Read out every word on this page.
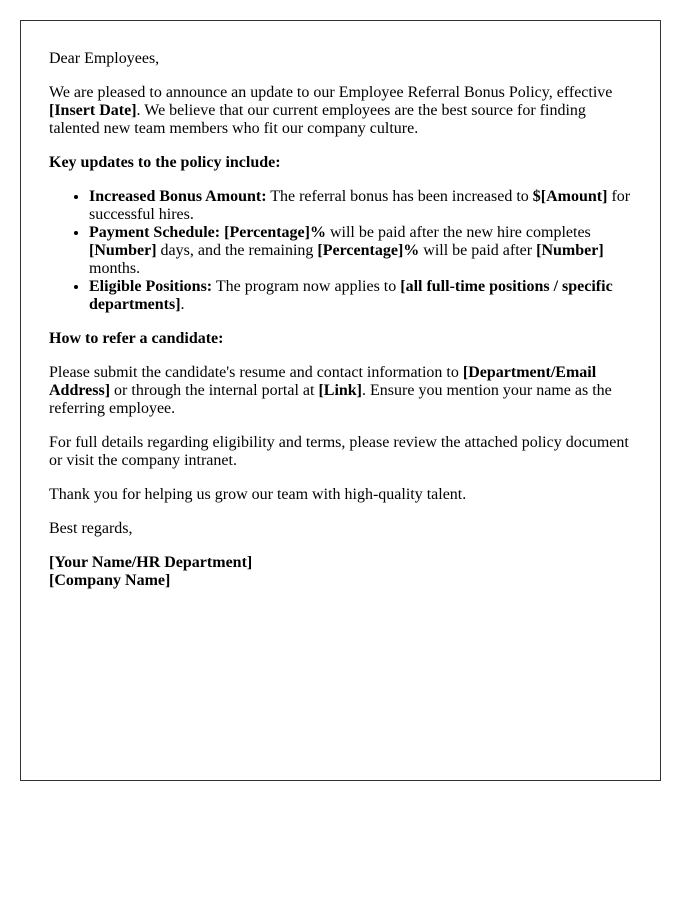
Dear Employees,

We are pleased to announce an update to our Employee Referral Bonus Policy, effective [Insert Date]. We believe that our current employees are the best source for finding talented new team members who fit our company culture.

Key updates to the policy include:

• Increased Bonus Amount: The referral bonus has been increased to $[Amount] for successful hires.
• Payment Schedule: [Percentage]% will be paid after the new hire completes [Number] days, and the remaining [Percentage]% will be paid after [Number] months.
• Eligible Positions: The program now applies to [all full-time positions / specific departments].

How to refer a candidate:

Please submit the candidate's resume and contact information to [Department/Email Address] or through the internal portal at [Link]. Ensure you mention your name as the referring employee.

For full details regarding eligibility and terms, please review the attached policy document or visit the company intranet.

Thank you for helping us grow our team with high-quality talent.

Best regards,

[Your Name/HR Department]
[Company Name]
